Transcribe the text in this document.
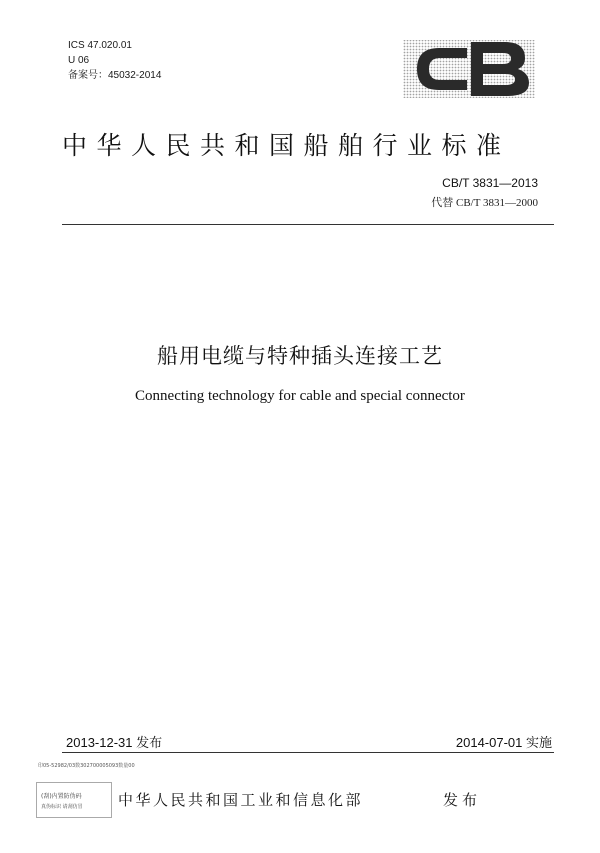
ICS 47.020.01
U 06
备案号：45032-2014
中华人民共和国船舶行业标准
CB/T 3831—2013
代替 CB/T 3831—2000
船用电缆与特种插头连接工艺
Connecting technology for cable and special connector
2013-12-31 发布	2014-07-01 实施
印05-52982/03数302700005093数量00
(刮)内置防伪码
真伪标识 请刮仿冒 中华人民共和国工业和信息化部	发布
